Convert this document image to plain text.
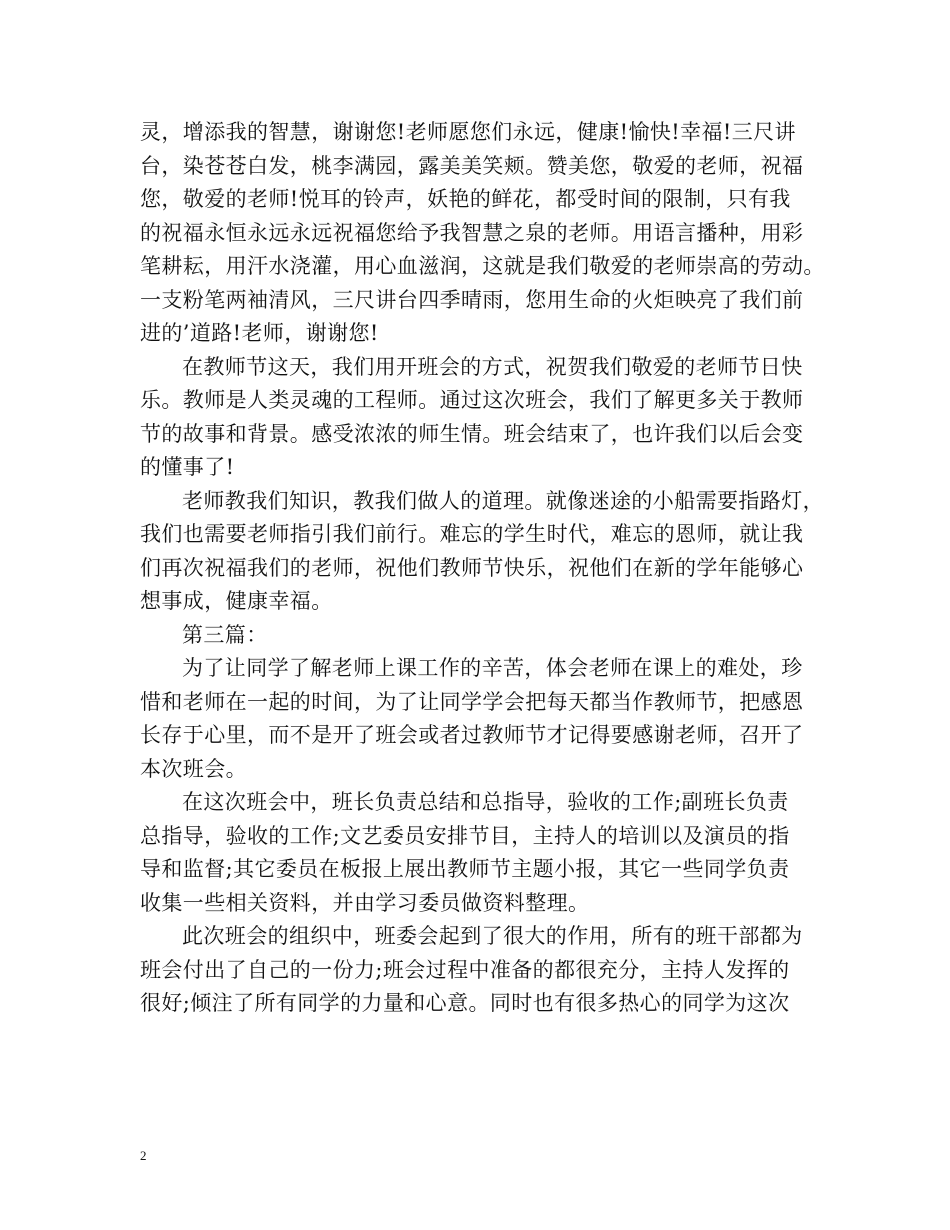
灵，增添我的智慧，谢谢您!老师愿您们永远，健康!愉快!幸福!三尺讲
台，染苍苍白发，桃李满园，露美美笑颊。赞美您，敬爱的老师，祝福
您，敬爱的老师!悦耳的铃声，妖艳的鲜花，都受时间的限制，只有我
的祝福永恒永远永远祝福您给予我智慧之泉的老师。用语言播种，用彩
笔耕耘，用汗水浇灌，用心血滋润，这就是我们敬爱的老师崇高的劳动。
一支粉笔两袖清风，三尺讲台四季晴雨，您用生命的火炬映亮了我们前
进的’道路!老师，谢谢您!

在教师节这天，我们用开班会的方式，祝贺我们敬爱的老师节日快
乐。教师是人类灵魂的工程师。通过这次班会，我们了解更多关于教师
节的故事和背景。感受浓浓的师生情。班会结束了，也许我们以后会变
的懂事了!

老师教我们知识，教我们做人的道理。就像迷途的小船需要指路灯，
我们也需要老师指引我们前行。难忘的学生时代，难忘的恩师，就让我
们再次祝福我们的老师，祝他们教师节快乐，祝他们在新的学年能够心
想事成，健康幸福。

第三篇：

为了让同学了解老师上课工作的辛苦，体会老师在课上的难处，珍
惜和老师在一起的时间，为了让同学学会把每天都当作教师节，把感恩
长存于心里，而不是开了班会或者过教师节才记得要感谢老师，召开了
本次班会。

在这次班会中，班长负责总结和总指导，验收的工作;副班长负责
总指导，验收的工作;文艺委员安排节目，主持人的培训以及演员的指
导和监督;其它委员在板报上展出教师节主题小报，其它一些同学负责
收集一些相关资料，并由学习委员做资料整理。

此次班会的组织中，班委会起到了很大的作用，所有的班干部都为
班会付出了自己的一份力;班会过程中准备的都很充分，主持人发挥的
很好;倾注了所有同学的力量和心意。同时也有很多热心的同学为这次

2
